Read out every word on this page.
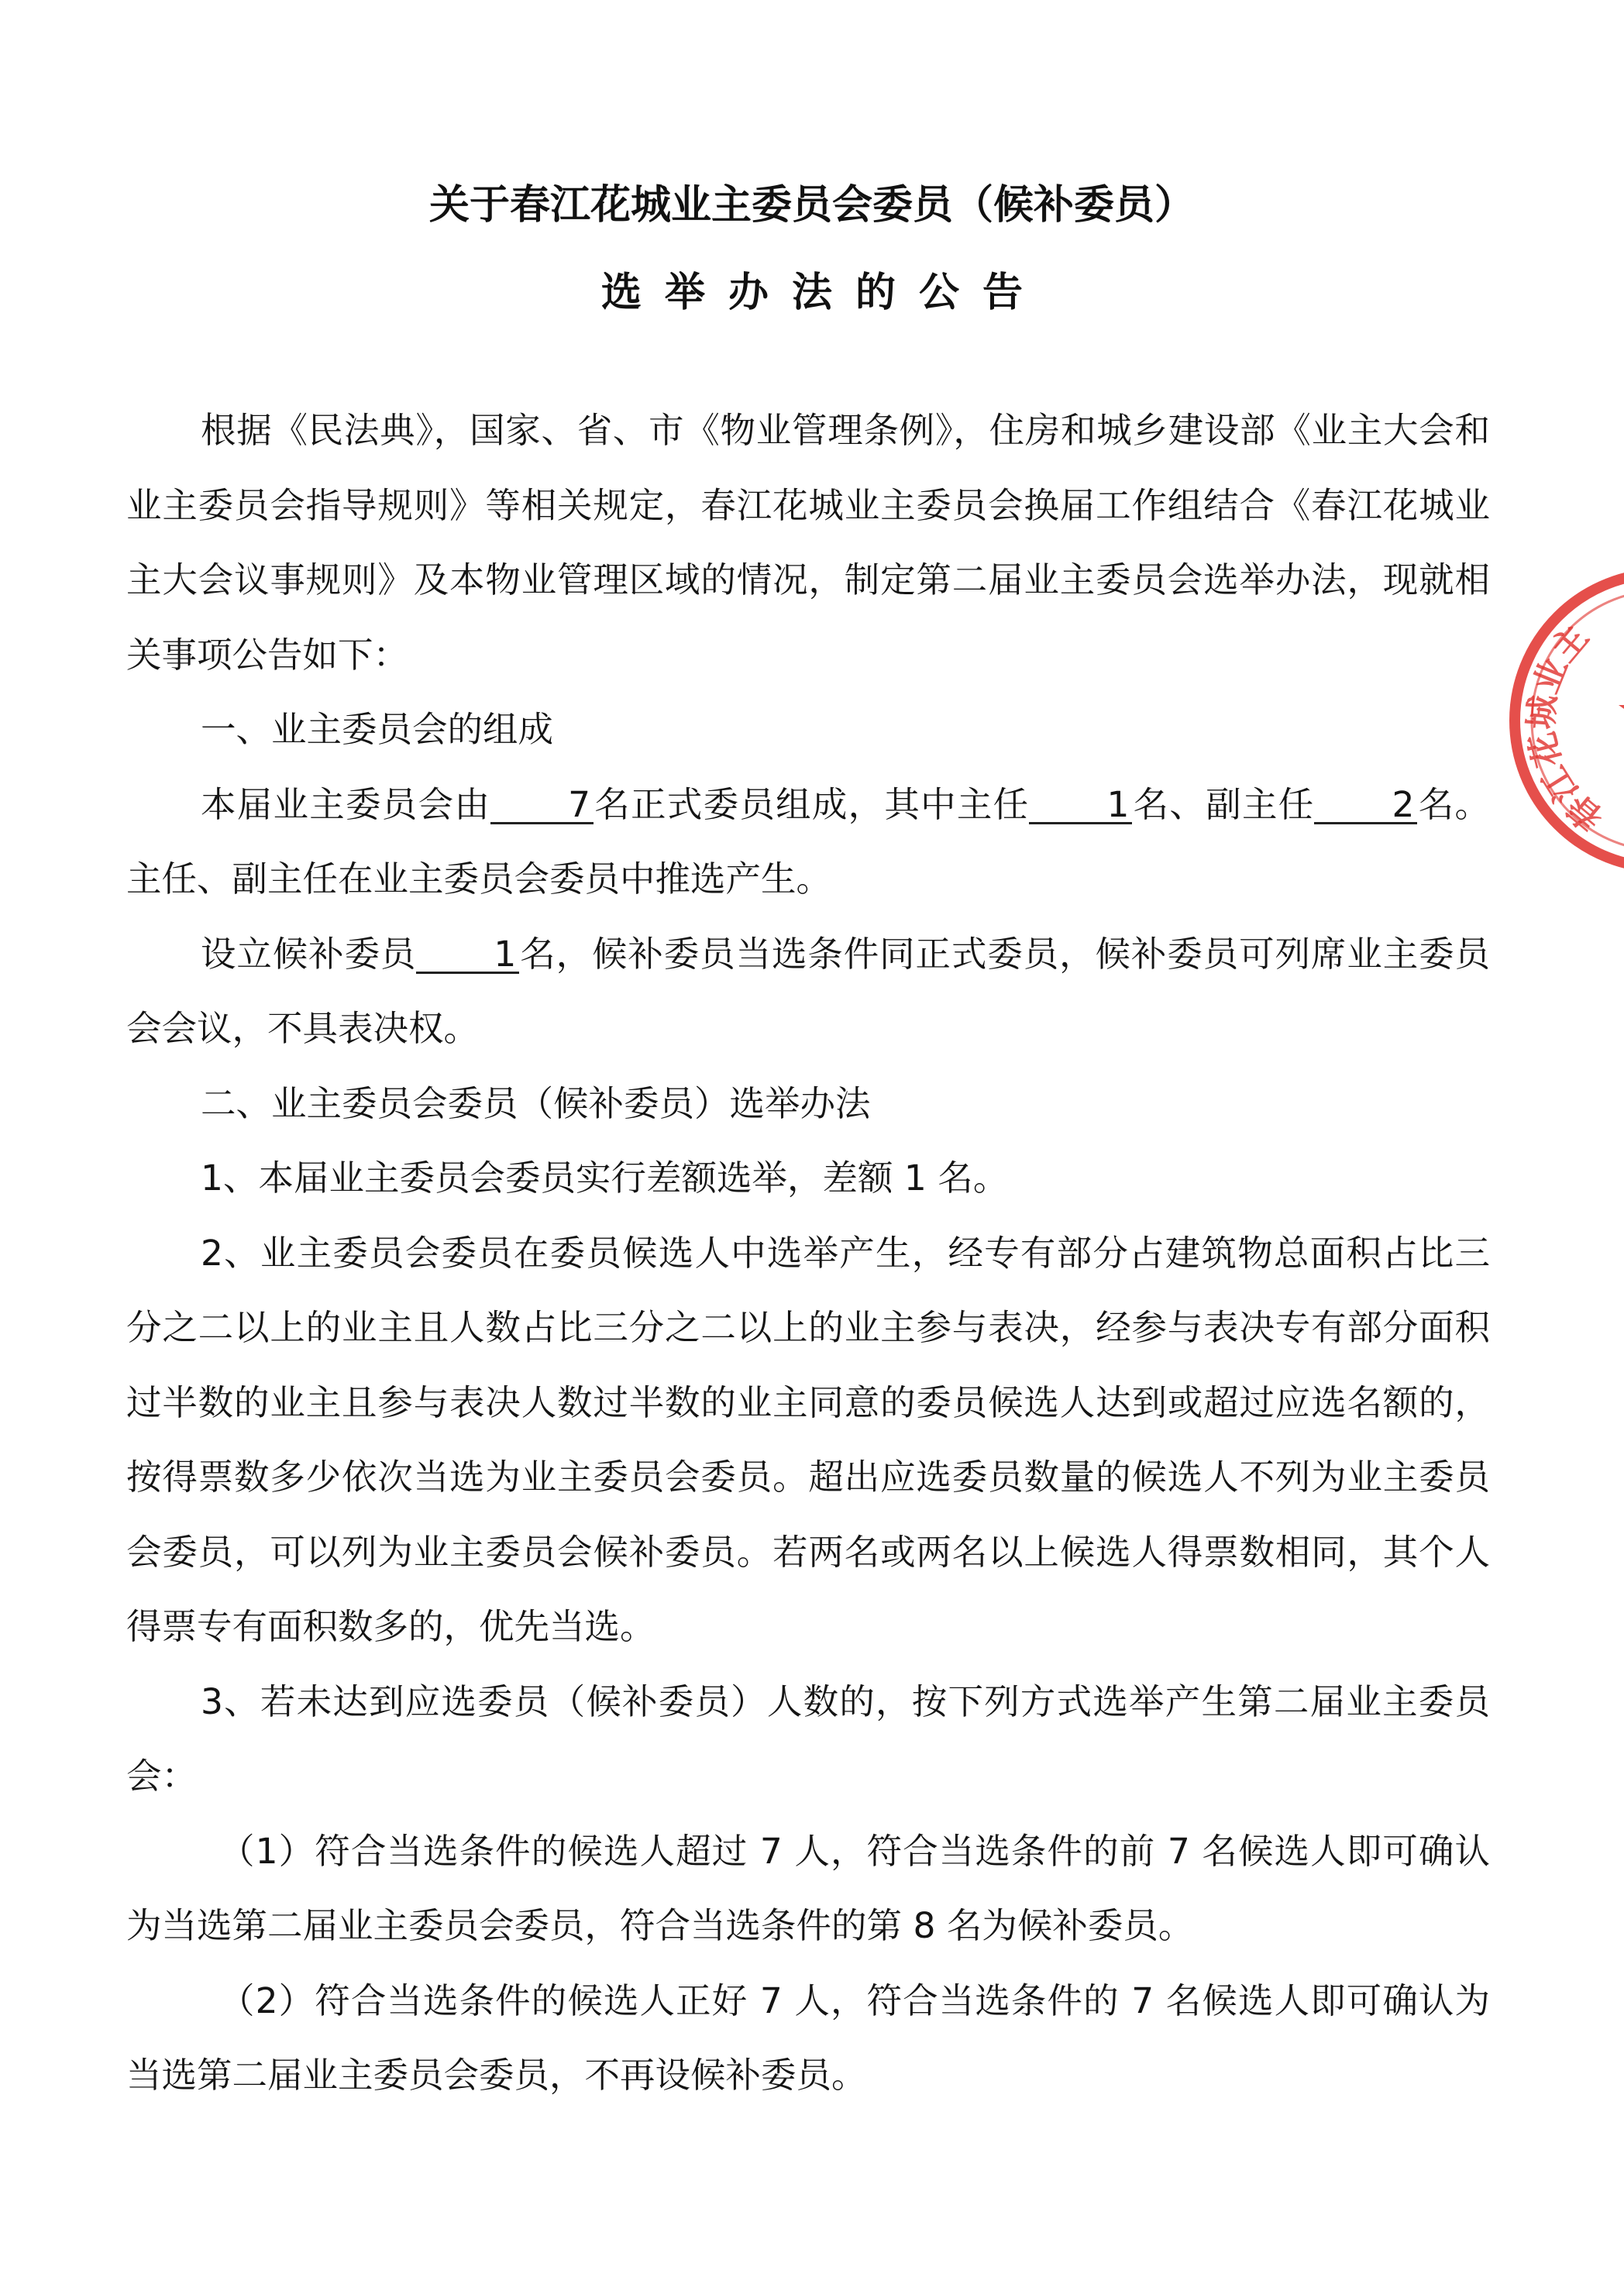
关于春江花城业主委员会委员（候补委员）
选举办法的公告

根据《民法典》，国家、省、市《物业管理条例》，住房和城乡建设部《业主大会和业主委员会指导规则》等相关规定，春江花城业主委员会换届工作组结合《春江花城业主大会议事规则》及本物业管理区域的情况，制定第二届业主委员会选举办法，现就相关事项公告如下：

一、业主委员会的组成

本届业主委员会由 7名正式委员组成，其中主任 1名、副主任 2名。主任、副主任在业主委员会委员中推选产生。

设立候补委员 1名，候补委员当选条件同正式委员，候补委员可列席业主委员会会议，不具表决权。

二、业主委员会委员（候补委员）选举办法

1、本届业主委员会委员实行差额选举，差额 1 名。

2、业主委员会委员在委员候选人中选举产生，经专有部分占建筑物总面积占比三分之二以上的业主且人数占比三分之二以上的业主参与表决，经参与表决专有部分面积过半数的业主且参与表决人数过半数的业主同意的委员候选人达到或超过应选名额的，按得票数多少依次当选为业主委员会委员。超出应选委员数量的候选人不列为业主委员会委员，可以列为业主委员会候补委员。若两名或两名以上候选人得票数相同，其个人得票专有面积数多的，优先当选。

3、若未达到应选委员（候补委员）人数的，按下列方式选举产生第二届业主委员会：

（1）符合当选条件的候选人超过 7 人，符合当选条件的前 7 名候选人即可确认为当选第二届业主委员会委员，符合当选条件的第 8 名为候补委员。

（2）符合当选条件的候选人正好 7 人，符合当选条件的 7 名候选人即可确认为当选第二届业主委员会委员，不再设候补委员。

春江花城业主
